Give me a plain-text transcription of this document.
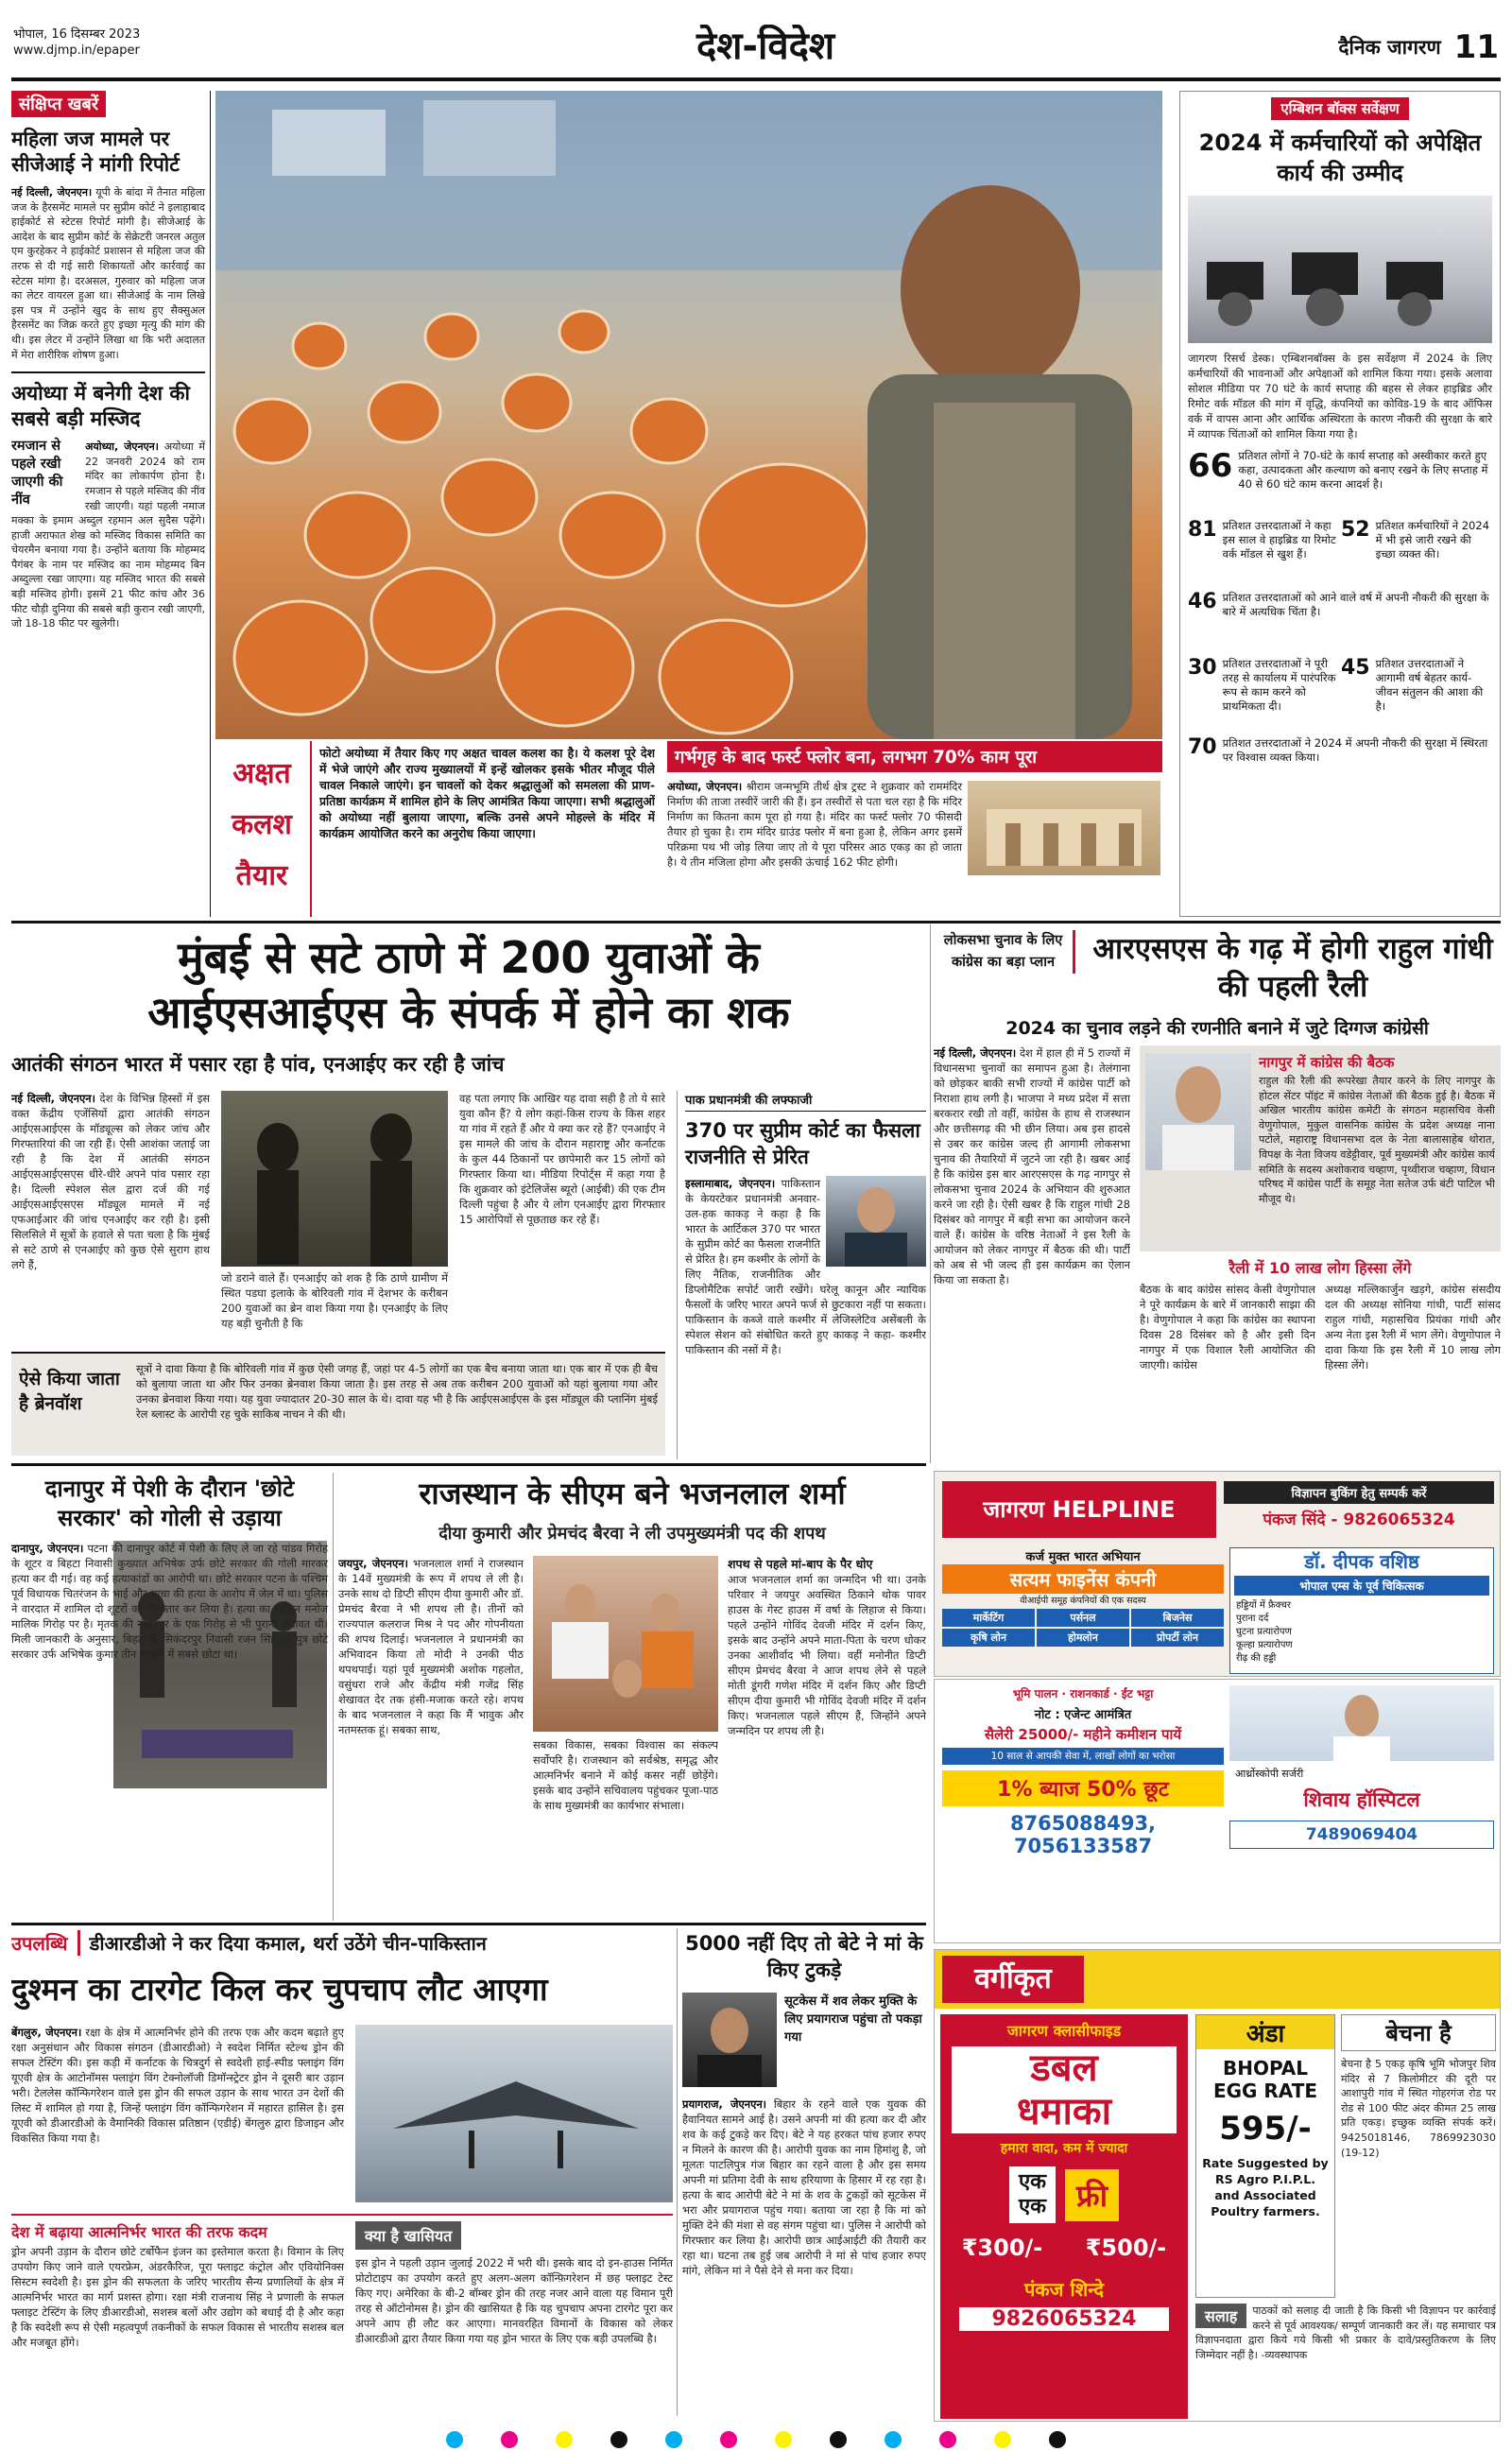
भोपाल, 16 दिसम्बर 2023
www.djmp.in/epaper	देश-विदेश	दैनिक जागरण 11
संक्षिप्त खबरें
महिला जज मामले पर सीजेआई ने मांगी रिपोर्ट

नई दिल्ली, जेएनएन। यूपी के बांदा में तैनात महिला जज के हैरसमेंट मामले पर सुप्रीम कोर्ट ने इलाहाबाद हाईकोर्ट से स्टेटस रिपोर्ट मांगी है। सीजेआई के आदेश के बाद सुप्रीम कोर्ट के सेक्रेटरी जनरल अतुल एम कुरहेकर ने हाईकोर्ट प्रशासन से महिला जज की तरफ से दी गई सारी शिकायतों और कार्रवाई का स्टेटस मांगा है। दरअसल, गुरुवार को महिला जज का लेटर वायरल हुआ था। सीजेआई के नाम लिखे इस पत्र में उन्होंने खुद के साथ हुए सैक्सुअल हैरसमेंट का जिक्र करते हुए इच्छा मृत्यु की मांग की थी। इस लेटर में उन्होंने लिखा था कि भरी अदालत में मेरा शारीरिक शोषण हुआ।

अयोध्या में बनेगी देश की सबसे बड़ी मस्जिद
रमजान से पहले रखी जाएगी की नींव

अयोध्या, जेएनएन। अयोध्या में 22 जनवरी 2024 को राम मंदिर का लोकार्पण होना है। रमजान से पहले मस्जिद की नींव रखी जाएगी। यहां पहली नमाज मक्का के इमाम अब्दुल रहमान अल सुदैस पढ़ेंगे। हाजी अराफात शेख को मस्जिद विकास समिति का चेयरमैन बनाया गया है। उन्होंने बताया कि मोहम्मद पैगंबर के नाम पर मस्जिद का नाम मोहम्मद बिन अब्दुल्ला रखा जाएगा। यह मस्जिद भारत की सबसे बड़ी मस्जिद होगी। इसमें 21 फीट कांच और 36 फीट चौड़ी दुनिया की सबसे बड़ी कुरान रखी जाएगी, जो 18-18 फीट पर खुलेगी।

अक्षत कलश तैयार
फोटो अयोध्या में तैयार किए गए अक्षत चावल कलश का है। ये कलश पूरे देश में भेजे जाएंगे और राज्य मुख्यालयों में इन्हें खोलकर इसके भीतर मौजूद पीले चावल निकाले जाएंगे। इन चावलों को देकर श्रद्धालुओं को समलला की प्राण-प्रतिष्ठा कार्यक्रम में शामिल होने के लिए आमंत्रित किया जाएगा। सभी श्रद्धालुओं को अयोध्या नहीं बुलाया जाएगा, बल्कि उनसे अपने मोहल्ले के मंदिर में कार्यक्रम आयोजित करने का अनुरोध किया जाएगा।
गर्भगृह के बाद फर्स्ट फ्लोर बना, लगभग 70% काम पूरा

अयोध्या, जेएनएन। श्रीराम जन्मभूमि तीर्थ क्षेत्र ट्रस्ट ने शुक्रवार को राममंदिर निर्माण की ताजा तस्वीरें जारी की हैं। इन तस्वीरों से पता चल रहा है कि मंदिर निर्माण का कितना काम पूरा हो गया है। मंदिर का फर्स्ट फ्लोर 70 फीसदी तैयार हो चुका है। राम मंदिर ग्राउंड फ्लोर में बना हुआ है, लेकिन अगर इसमें परिक्रमा पथ भी जोड़ लिया जाए तो ये पूरा परिसर आठ एकड़ का हो जाता है। ये तीन मंजिला होगा और इसकी ऊंचाई 162 फीट होगी।

एम्बिशन बॉक्स सर्वेक्षण
2024 में कर्मचारियों को अपेक्षित कार्य की उम्मीद

जागरण रिसर्च डेस्क। एम्बिशनबॉक्स के इस सर्वेक्षण में 2024 के लिए कर्मचारियों की भावनाओं और अपेक्षाओं को शामिल किया गया। इसके अलावा सोशल मीडिया पर 70 घंटे के कार्य सप्ताह की बहस से लेकर हाइब्रिड और रिमोट वर्क मॉडल की मांग में वृद्धि, कंपनियों का कोविड-19 के बाद ऑफिस वर्क में वापस आना और आर्थिक अस्थिरता के कारण नौकरी की सुरक्षा के बारे में व्यापक चिंताओं को शामिल किया गया है।

66 प्रतिशत लोगों ने 70-घंटे के कार्य सप्ताह को अस्वीकार करते हुए कहा, उत्पादकता और कल्याण को बनाए रखने के लिए सप्ताह में 40 से 60 घंटे काम करना आदर्श है।
81 प्रतिशत उत्तरदाताओं ने कहा इस साल वे हाइब्रिड या रिमोट वर्क मॉडल से खुश हैं।
52 प्रतिशत कर्मचारियों ने 2024 में भी इसे जारी रखने की इच्छा व्यक्त की।
46 प्रतिशत उत्तरदाताओं को आने वाले वर्ष में अपनी नौकरी की सुरक्षा के बारे में अत्यधिक चिंता है।
30 प्रतिशत उत्तरदाताओं ने पूरी तरह से कार्यालय में पारंपरिक रूप से काम करने को प्राथमिकता दी।
45 प्रतिशत उत्तरदाताओं ने आगामी वर्ष बेहतर कार्य-जीवन संतुलन की आशा की है।
70 प्रतिशत उत्तरदाताओं ने 2024 में अपनी नौकरी की सुरक्षा में स्थिरता पर विश्वास व्यक्त किया।
मुंबई से सटे ठाणे में 200 युवाओं के
आईएसआईएस के संपर्क में होने का शक
आतंकी संगठन भारत में पसार रहा है पांव, एनआईए कर रही है जांच

नई दिल्ली, जेएनएन। देश के विभिन्न हिस्सों में इस वक्त केंद्रीय एजेंसियों द्वारा आतंकी संगठन आईएसआईएस के मॉड्यूल्स को लेकर जांच और गिरफ्तारियां की जा रही हैं। ऐसी आशंका जताई जा रही है कि देश में आतंकी संगठन आईएसआईएसएस धीरे-धीरे अपने पांव पसार रहा है। दिल्ली स्पेशल सेल द्वारा दर्ज की गई आईएसआईएसएस मॉड्यूल मामले में नई एफआईआर की जांच एनआईए कर रही है। इसी सिलसिले में सूत्रों के हवाले से पता चला है कि मुंबई से सटे ठाणे से एनआईए को कुछ ऐसे सुराग हाथ लगे हैं,

जो डराने वाले हैं। एनआईए को शक है कि ठाणे ग्रामीण में स्थित पडघा इलाके के बोरिवली गांव में देशभर के करीबन 200 युवाओं का ब्रेन वाश किया गया है। एनआईए के लिए यह बड़ी चुनौती है कि

वह पता लगाए कि आखिर यह दावा सही है तो ये सारे युवा कौन हैं? ये लोग कहां-किस राज्य के किस शहर या गांव में रहते हैं और ये क्या कर रहे हैं? एनआईए ने इस मामले की जांच के दौरान महाराष्ट्र और कर्नाटक के कुल 44 ठिकानों पर छापेमारी कर 15 लोगों को गिरफ्तार किया था। मीडिया रिपोर्ट्स में कहा गया है कि शुक्रवार को इंटेलिजेंस ब्यूरो (आईबी) की एक टीम दिल्ली पहुंचा है और ये लोग एनआईए द्वारा गिरफ्तार 15 आरोपियों से पूछताछ कर रहे हैं।

ऐसे किया जाता है ब्रेनवॉश

सूत्रों ने दावा किया है कि बोरिवली गांव में कुछ ऐसी जगह हैं, जहां पर 4-5 लोगों का एक बैच बनाया जाता था। एक बार में एक ही बैच को बुलाया जाता था और फिर उनका ब्रेनवाश किया जाता है। इस तरह से अब तक करीबन 200 युवाओं को यहां बुलाया गया और उनका ब्रेनवाश किया गया। यह युवा ज्यादातर 20-30 साल के थे। दावा यह भी है कि आईएसआईएस के इस मॉड्यूल की प्लानिंग मुंबई रेल ब्लास्ट के आरोपी रह चुके साकिब नाचन ने की थी।

पाक प्रधानमंत्री की लफ्फाजी
370 पर सुप्रीम कोर्ट का फैसला राजनीति से प्रेरित

इस्लामाबाद, जेएनएन। पाकिस्तान के केयरटेकर प्रधानमंत्री अनवार-उल-हक काकड़ ने कहा है कि भारत के आर्टिकल 370 पर भारत के सुप्रीम कोर्ट का फैसला राजनीति से प्रेरित है। हम कश्मीर के लोगों के लिए नैतिक, राजनीतिक और डिप्लोमैटिक सपोर्ट जारी रखेंगे। घरेलू कानून और न्यायिक फैसलों के जरिए भारत अपने फर्ज से छुटकारा नहीं पा सकता। पाकिस्तान के कब्जे वाले कश्मीर में लेजिस्लेटिव असेंबली के स्पेशल सेशन को संबोधित करते हुए काकड़ ने कहा- कश्मीर पाकिस्तान की नसों में है।

लोकसभा चुनाव के लिए कांग्रेस का बड़ा प्लान	आरएसएस के गढ़ में होगी राहुल गांधी की पहली रैली
2024 का चुनाव लड़ने की रणनीति बनाने में जुटे दिग्गज कांग्रेसी

नई दिल्ली, जेएनएन। देश में हाल ही में 5 राज्यों में विधानसभा चुनावों का समापन हुआ है। तेलंगाना को छोड़कर बाकी सभी राज्यों में कांग्रेस पार्टी को निराशा हाथ लगी है। भाजपा ने मध्य प्रदेश में सत्ता बरकरार रखी तो वहीं, कांग्रेस के हाथ से राजस्थान और छत्तीसगढ़ की भी छीन लिया। अब इस हादसे से उबर कर कांग्रेस जल्द ही आगामी लोकसभा चुनाव की तैयारियों में जुटने जा रही है। खबर आई है कि कांग्रेस इस बार आरएसएस के गढ़ नागपुर से लोकसभा चुनाव 2024 के अभियान की शुरुआत करने जा रही है। ऐसी खबर है कि राहुल गांधी 28 दिसंबर को नागपुर में बड़ी सभा का आयोजन करने वाले हैं। कांग्रेस के वरिष्ठ नेताओं ने इस रैली के आयोजन को लेकर नागपुर में बैठक की थी। पार्टी को अब से भी जल्द ही इस कार्यक्रम का ऐलान किया जा सकता है।

नागपुर में कांग्रेस की बैठक

राहुल की रैली की रूपरेखा तैयार करने के लिए नागपुर के होटल सेंटर पॉइंट में कांग्रेस नेताओं की बैठक हुई है। बैठक में अखिल भारतीय कांग्रेस कमेटी के संगठन महासचिव केसी वेणुगोपाल, मुकुल वासनिक कांग्रेस के प्रदेश अध्यक्ष नाना पटोले, महाराष्ट्र विधानसभा दल के नेता बालासाहेब थोरात, विपक्ष के नेता विजय वडेट्टीवार, पूर्व मुख्यमंत्री और कांग्रेस कार्य समिति के सदस्य अशोकराव चव्हाण, पृथ्वीराज चव्हाण, विधान परिषद में कांग्रेस पार्टी के समूह नेता सतेज उर्फ बंटी पाटिल भी मौजूद थे।

रैली में 10 लाख लोग हिस्सा लेंगे

बैठक के बाद कांग्रेस सांसद केसी वेणुगोपाल ने पूरे कार्यक्रम के बारे में जानकारी साझा की है। वेणुगोपाल ने कहा कि कांग्रेस का स्थापना दिवस 28 दिसंबर को है और इसी दिन नागपुर में एक विशाल रैली आयोजित की जाएगी। कांग्रेस

अध्यक्ष मल्लिकार्जुन खड़गे, कांग्रेस संसदीय दल की अध्यक्ष सोनिया गांधी, पार्टी सांसद राहुल गांधी, महासचिव प्रियंका गांधी और अन्य नेता इस रैली में भाग लेंगे। वेणुगोपाल ने दावा किया कि इस रैली में 10 लाख लोग हिस्सा लेंगे।

दानापुर में पेशी के दौरान 'छोटे सरकार' को गोली से उड़ाया

दानापुर, जेएनएन। पटना की दानापुर कोर्ट में पेशी के लिए ले जा रहे पांडव गिरोह के शूटर व बिहटा निवासी कुख्यात अभिषेक उर्फ छोटे सरकार की गोली मारकर हत्या कर दी गई। वह कई हत्याकांडों का आरोपी था। छोटे सरकार पटना के पश्चिम पूर्व विधायक चितरंजन के भाई और चाचा की हत्या के आरोप में जेल में था। पुलिस ने वारदात में शामिल दो शूटरों को गिरफ्तार कर लिया है। हत्या का सरोहन मनोज मालिक गिरोह पर है। मृतक की नौबतपुर के एक गिरोह से भी पुरानी अदावत थी। मिली जानकारी के अनुसार, बिहटा के सिकंदरपुर निवासी रजन सिंह का पुत्र छोटे सरकार उर्फ अभिषेक कुमार तीन भाइयों में सबसे छोटा था।

राजस्थान के सीएम बने भजनलाल शर्मा
दीया कुमारी और प्रेमचंद बैरवा ने ली उपमुख्यमंत्री पद की शपथ

जयपुर, जेएनएन। भजनलाल शर्मा ने राजस्थान के 14वें मुख्यमंत्री के रूप में शपथ ले ली है। उनके साथ दो डिप्टी सीएम दीया कुमारी और डॉ. प्रेमचंद बैरवा ने भी शपथ ली है। तीनों को राज्यपाल कलराज मिश्र ने पद और गोपनीयता की शपथ दिलाई। भजनलाल ने प्रधानमंत्री का अभिवादन किया तो मोदी ने उनकी पीठ थपथपाई। यहां पूर्व मुख्यमंत्री अशोक गहलोत, वसुंधरा राजे और केंद्रीय मंत्री गजेंद्र सिंह शेखावत देर तक हंसी-मजाक करते रहे। शपथ के बाद भजनलाल ने कहा कि मैं भावुक और नतमस्तक हूं। सबका साथ,

सबका विकास, सबका विश्वास का संकल्प सर्वोपरि है। राजस्थान को सर्वश्रेष्ठ, समृद्ध और आत्मनिर्भर बनाने में कोई कसर नहीं छोड़ेंगे। इसके बाद उन्होंने सचिवालय पहुंचकर पूजा-पाठ के साथ मुख्यमंत्री का कार्यभार संभाला।

शपथ से पहले मां-बाप के पैर धोए

आज भजनलाल शर्मा का जन्मदिन भी था। उनके परिवार ने जयपुर अवस्थित ठिकाने थोक पावर हाउस के गेस्ट हाउस में वर्षा के लिहाज से किया। पहले उन्होंने गोविंद देवजी मंदिर में दर्शन किए, इसके बाद उन्होंने अपने माता-पिता के चरण धोकर उनका आशीर्वाद भी लिया। वहीं मनोनीत डिप्टी सीएम प्रेमचंद बैरवा ने आज शपथ लेने से पहले मोती डूंगरी गणेश मंदिर में दर्शन किए और डिप्टी सीएम दीया कुमारी भी गोविंद देवजी मंदिर में दर्शन किए। भजनलाल पहले सीएम हैं, जिन्होंने अपने जन्मदिन पर शपथ ली है।

उपलब्धि	डीआरडीओ ने कर दिया कमाल, थर्रा उठेंगे चीन-पाकिस्तान
दुश्मन का टारगेट किल कर चुपचाप लौट आएगा

बेंगलुरु, जेएनएन। रक्षा के क्षेत्र में आत्मनिर्भर होने की तरफ एक और कदम बढ़ाते हुए रक्षा अनुसंधान और विकास संगठन (डीआरडीओ) ने स्वदेश निर्मित स्टेल्थ ड्रोन की सफल टेस्टिंग की। इस कड़ी में कर्नाटक के चित्रदुर्ग से स्वदेशी हाई-स्पीड फ्लाइंग विंग यूएवी क्षेत्र के आटोनॉमस फ्लाइंग विंग टेक्नोलॉजी डिमॉन्स्ट्रेटर ड्रोन ने दूसरी बार उड़ान भरी। टेललेस कॉन्फिगरेशन वाले इस ड्रोन की सफल उड़ान के साथ भारत उन देशों की लिस्ट में शामिल हो गया है, जिन्हें फ्लाइंग विंग कॉन्फिगरेशन में महारत हासिल है। इस यूएवी को डीआरडीओ के वैमानिकी विकास प्रतिष्ठान (एडीई) बेंगलुरु द्वारा डिजाइन और विकसित किया गया है।

देश में बढ़ाया आत्मनिर्भर भारत की तरफ कदम

ड्रोन अपनी उड़ान के दौरान छोटे टर्बोफैन इंजन का इस्तेमाल करता है। विमान के लिए उपयोग किए जाने वाले एयरफ्रेम, अंडरकैरिज, पूरा फ्लाइट कंट्रोल और एवियोनिक्स सिस्टम स्वदेशी है। इस ड्रोन की सफलता के जरिए भारतीय सैन्य प्रणालियों के क्षेत्र में आत्मनिर्भर भारत का मार्ग प्रशस्त होगा। रक्षा मंत्री राजनाथ सिंह ने प्रणाली के सफल फ्लाइट टेस्टिंग के लिए डीआरडीओ, सशस्त्र बलों और उद्योग को बधाई दी है और कहा है कि स्वदेशी रूप से ऐसी महत्वपूर्ण तकनीकों के सफल विकास से भारतीय सशस्त्र बल और मजबूत होंगे।

क्या है खासियत

इस ड्रोन ने पहली उड़ान जुलाई 2022 में भरी थी। इसके बाद दो इन-हाउस निर्मित प्रोटोटाइप का उपयोग करते हुए अलग-अलग कॉन्फ़िगरेशन में छह फ्लाइट टेस्ट किए गए। अमेरिका के बी-2 बॉम्बर ड्रोन की तरह नजर आने वाला यह विमान पूरी तरह से ऑटोनोमस है। ड्रोन की खासियत है कि यह चुपचाप अपना टारगेट पूरा कर अपने आप ही लौट कर आएगा। मानवरहित विमानों के विकास को लेकर डीआरडीओ द्वारा तैयार किया गया यह ड्रोन भारत के लिए एक बड़ी उपलब्धि है।

5000 नहीं दिए तो बेटे ने मां के किए टुकड़े
सूटकेस में शव लेकर मुक्ति के लिए प्रयागराज पहुंचा तो पकड़ा गया

प्रयागराज, जेएनएन। बिहार के रहने वाले एक युवक की हैवानियत सामने आई है। उसने अपनी मां की हत्या कर दी और शव के कई टुकड़े कर दिए। बेटे ने यह हरकत पांच हजार रुपए न मिलने के कारण की है। आरोपी युवक का नाम हिमांशु है, जो मूलतः पाटलिपुत्र गंज बिहार का रहने वाला है और इस समय अपनी मां प्रतिमा देवी के साथ हरियाणा के हिसार में रह रहा है। हत्या के बाद आरोपी बेटे ने मां के शव के टुकड़ों को सूटकेस में भरा और प्रयागराज पहुंच गया। बताया जा रहा है कि मां को मुक्ति देने की मंशा से वह संगम पहुंचा था। पुलिस ने आरोपी को गिरफ्तार कर लिया है। आरोपी छात्र आईआईटी की तैयारी कर रहा था। घटना तब हुई जब आरोपी ने मां से पांच हजार रुपए मांगे, लेकिन मां ने पैसे देने से मना कर दिया।

जागरण HELPLINE
विज्ञापन बुकिंग हेतु सम्पर्क करें
पंकज सिंदे - 9826065324
कर्ज मुक्त भारत अभियान
सत्यम फाइनेंस कंपनी
वीआईपी समूह कंपनियों की एक सदस्य
मार्केटिंग	पर्सनल	बिजनेस
कृषि लोन	होमलोन	प्रोपर्टी लोन
डॉ. दीपक वशिष्ठ
भोपाल एम्स के पूर्व चिकित्सक
हड्डियों में फ्रैक्चर
पुराना दर्द
घुटना प्रत्यारोपण
कूल्हा प्रत्यारोपण
रीढ़ की हड्डी
भूमि पालन · राशनकार्ड · ईंट भट्टा
नोट : एजेन्ट आमंत्रित
सैलेरी 25000/- महीने कमीशन पायें
10 साल से आपकी सेवा में, लाखों लोगों का भरोसा
1% ब्याज 50% छूट
8765088493, 7056133587
आर्थ्रोस्कोपी सर्जरी
शिवाय हॉस्पिटल
7489069404
वर्गीकृत
जागरण क्लासीफाइड
डबल
धमाका
हमारा वादा, कम में ज्यादा
एक
एक	फ्री
₹300/- ₹500/-
पंकज शिन्दे
9826065324
अंडा
BHOPAL
EGG RATE
595/-
Rate Suggested by RS Agro P.I.P.L. and Associated Poultry farmers.
बेचना है

बेचना है 5 एकड़ कृषि भूमि भोजपुर शिव मंदिर से 7 किलोमीटर की दूरी पर आशापुरी गांव में स्थित गोहरगंज रोड पर रोड से 100 फीट अंदर कीमत 25 लाख प्रति एकड़। इच्छुक व्यक्ति संपर्क करें। 9425018146, 7869923030 (19-12)

सलाह	पाठकों को सलाह दी जाती है कि किसी भी विज्ञापन पर कार्रवाई करने से पूर्व आवश्यक/ सम्पूर्ण जानकारी कर लें। यह समाचार पत्र विज्ञापनदाता द्वारा किये गये किसी भी प्रकार के दावे/प्रस्तुतिकरण के लिए जिम्मेदार नहीं है। -व्यवस्थापक
